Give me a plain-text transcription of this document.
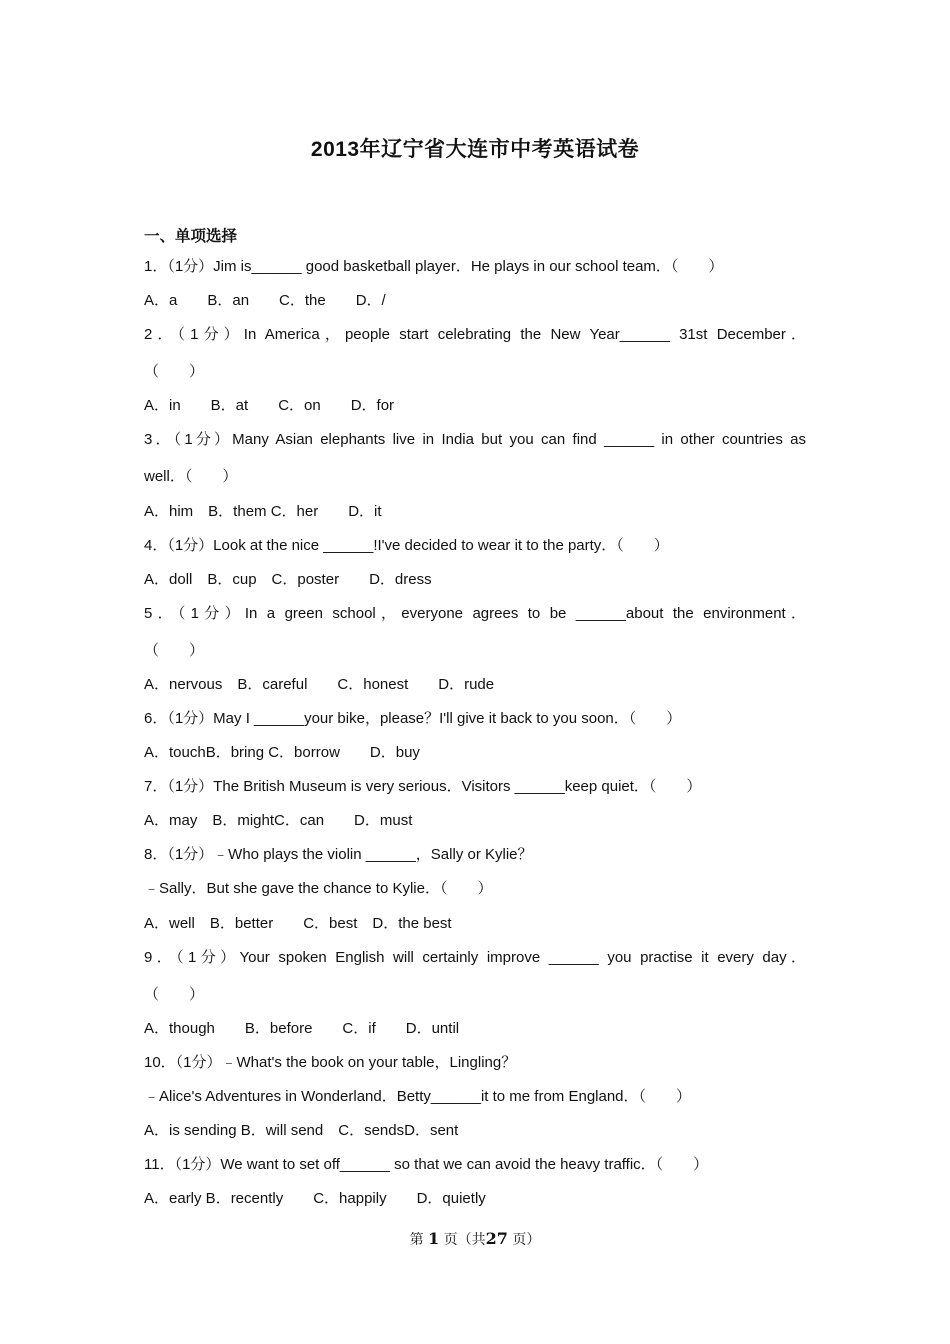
2013年辽宁省大连市中考英语试卷
一、单项选择
1．（1分）Jim is______ good basketball player．He plays in our school team．（　　）
A．a　　B．an　　C．the　　D．/
2．（1分）In America，people start celebrating the New Year______ 31st December．
（　　）
A．in　　B．at　　C．on　　D．for
3．（1分）Many Asian elephants live in India but you can find ______ in other countries as
well．（　　）
A．him　B．them C．her　　D．it
4．（1分）Look at the nice ______!I've decided to wear it to the party．（　　）
A．doll　B．cup　C．poster　　D．dress
5．（1分）In a green school，everyone agrees to be ______about the environment．
（　　）
A．nervous　B．careful　　C．honest　　D．rude
6．（1分）May I ______your bike，please？I'll give it back to you soon．（　　）
A．touchB．bring C．borrow　　D．buy
7．（1分）The British Museum is very serious．Visitors ______keep quiet．（　　）
A．may　B．mightC．can　　D．must
8．（1分）﹣Who plays the violin ______，Sally or Kylie？
﹣Sally．But she gave the chance to Kylie．（　　）
A．well　B．better　　C．best　D．the best
9．（1分）Your spoken English will certainly improve ______ you practise it every day．
（　　）
A．though　　B．before　　C．if　　D．until
10．（1分）﹣What's the book on your table，Lingling？
﹣Alice's Adventures in Wonderland．Betty______it to me from England．（　　）
A．is sending B．will send　C．sendsD．sent
11．（1分）We want to set off______ so that we can avoid the heavy traffic．（　　）
A．early B．recently　　C．happily　　D．quietly
第 1 页（共27 页）
